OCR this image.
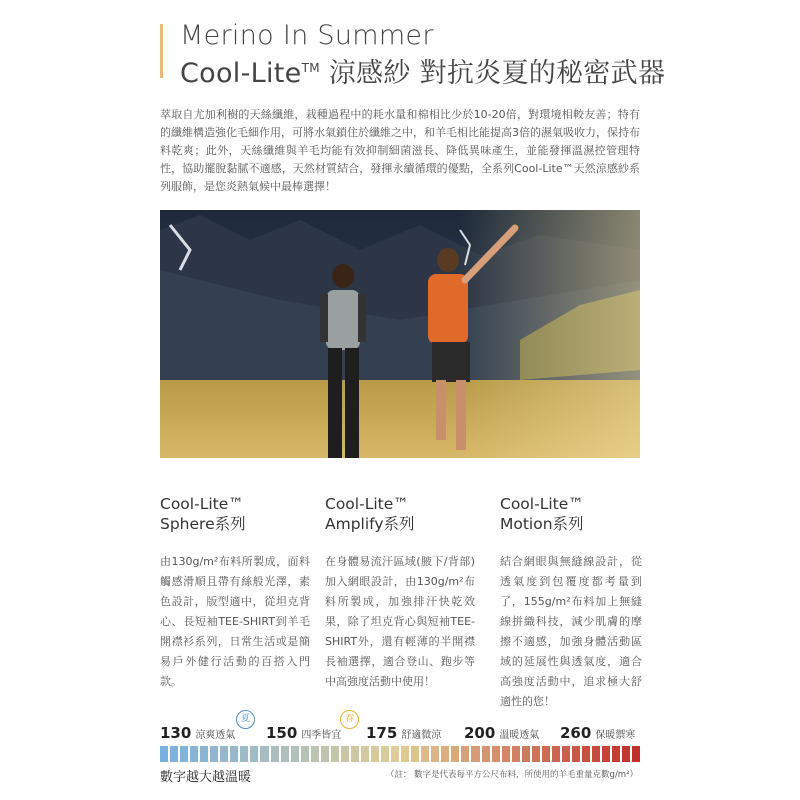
Merino In Summer
Cool-Lite™ 涼感紗 對抗炎夏的秘密武器
萃取自尤加利樹的天絲纖維，栽種過程中的耗水量和棉相比少於10-20倍，對環境相較友善；特有的纖維構造強化毛細作用，可將水氣鎖住於纖維之中，和羊毛相比能提高3倍的濕氣吸收力，保持布料乾爽；此外，天絲纖維與羊毛均能有效抑制細菌滋長、降低異味產生，並能發揮溫濕控管理特性，協助擺脫黏膩不適感，天然材質結合，發揮永續循環的優點，全系列Cool-Lite™天然涼感紗系列服飾，是您炎熱氣候中最棒選擇！
Cool-Lite™
Sphere系列
由130g/m²布料所製成，面料觸感滑順且帶有絲般光澤，素色設計，版型適中，從坦克背心、長短袖TEE-SHIRT到羊毛開襟衫系列，日常生活或是簡易戶外健行活動的百搭入門款。
Cool-Lite™
Amplify系列
在身體易流汗區域(腋下/背部)加入網眼設計，由130g/m²布料所製成，加強排汗快乾效果，除了坦克背心與短袖TEE-SHIRT外，還有輕薄的半開襟長袖選擇，適合登山、跑步等中高強度活動中使用！
Cool-Lite™
Motion系列
結合網眼與無縫線設計，從透氣度到包覆度都考量到了，155g/m²布料加上無縫線拼織科技，減少肌膚的摩擦不適感，加強身體活動區域的延展性與透氣度，適合高強度活動中，追求極大舒適性的您！
夏	春
130 涼爽透氣 150 四季皆宜 175 舒適微涼 200 溫暖透氣 260 保暖禦寒
數字越大越溫暖	（註： 數字是代表每平方公尺布料，所使用的羊毛重量克數g/m²）
